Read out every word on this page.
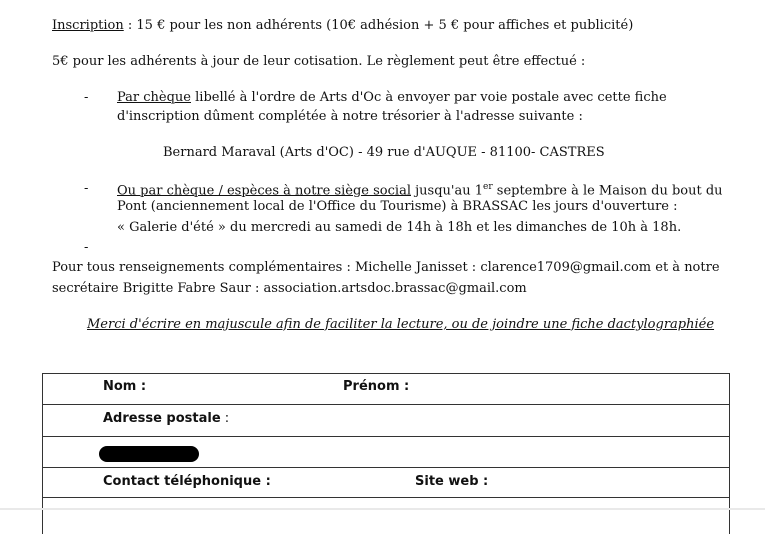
Inscription : 15 € pour les non adhérents (10€ adhésion + 5 € pour affiches et publicité)
5€ pour les adhérents à jour de leur cotisation. Le règlement peut être effectué :
- Par chèque libellé à l'ordre de Arts d'Oc à envoyer par voie postale avec cette fiche
d'inscription dûment complétée à notre trésorier à l'adresse suivante :
Bernard Maraval (Arts d'OC) - 49 rue d'AUQUE - 81100- CASTRES
- Ou par chèque / espèces à notre siège social jusqu'au 1er septembre à le Maison du bout du
Pont (anciennement local de l'Office du Tourisme) à BRASSAC les jours d'ouverture :
« Galerie d'été » du mercredi au samedi de 14h à 18h et les dimanches de 10h à 18h.
-
Pour tous renseignements complémentaires : Michelle Janisset : clarence1709@gmail.com et à notre
secrétaire Brigitte Fabre Saur : association.artsdoc.brassac@gmail.com
Merci d'écrire en majuscule afin de faciliter la lecture, ou de joindre une fiche dactylographiée
Nom :	Prénom :
Adresse postale :
Contact téléphonique :	Site web :
